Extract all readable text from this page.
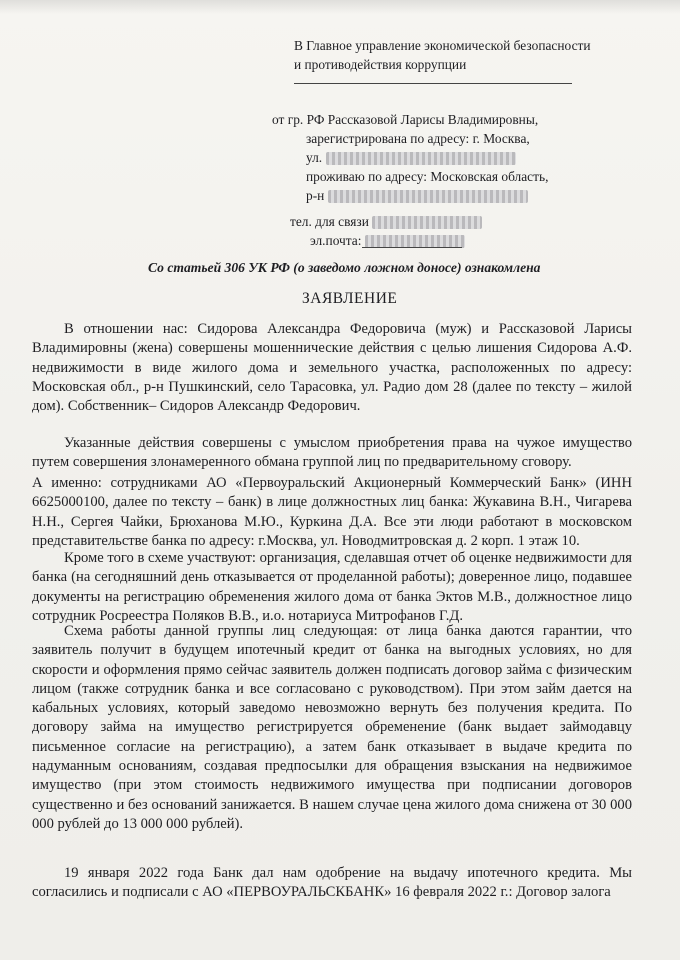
В Главное управление экономической безопасности
и противодействия коррупции
от гр. РФ Рассказовой Ларисы Владимировны,
зарегистрирована по адресу: г. Москва,
ул.
проживаю по адресу: Московская область,
р-н
тел. для связи
эл.почта:
Со статьей 306 УК РФ (о заведомо ложном доносе) ознакомлена
ЗАЯВЛЕНИЕ

В отношении нас: Сидорова Александра Федоровича (муж) и Рассказовой Ларисы Владимировны (жена) совершены мошеннические действия с целью лишения Сидорова А.Ф. недвижимости в виде жилого дома и земельного участка, расположенных по адресу: Московская обл., р-н Пушкинский, село Тарасовка, ул. Радио дом 28 (далее по тексту – жилой дом). Собственник– Сидоров Александр Федорович.

Указанные действия совершены с умыслом приобретения права на чужое имущество путем совершения злонамеренного обмана группой лиц по предварительному сговору.

А именно: сотрудниками АО «Первоуральский Акционерный Коммерческий Банк» (ИНН 6625000100, далее по тексту – банк) в лице должностных лиц банка: Жукавина В.Н., Чигарева Н.Н., Сергея Чайки, Брюханова М.Ю., Куркина Д.А. Все эти люди работают в московском представительстве банка по адресу: г.Москва, ул. Новодмитровская д. 2 корп. 1 этаж 10.

Кроме того в схеме участвуют: организация, сделавшая отчет об оценке недвижимости для банка (на сегодняшний день отказывается от проделанной работы); доверенное лицо, подавшее документы на регистрацию обременения жилого дома от банка Эктов М.В., должностное лицо сотрудник Росреестра Поляков В.В., и.о. нотариуса Митрофанов Г.Д.

Схема работы данной группы лиц следующая: от лица банка даются гарантии, что заявитель получит в будущем ипотечный кредит от банка на выгодных условиях, но для скорости и оформления прямо сейчас заявитель должен подписать договор займа с физическим лицом (также сотрудник банка и все согласовано с руководством). При этом займ дается на кабальных условиях, который заведомо невозможно вернуть без получения кредита. По договору займа на имущество регистрируется обременение (банк выдает займодавцу письменное согласие на регистрацию), а затем банк отказывает в выдаче кредита по надуманным основаниям, создавая предпосылки для обращения взыскания на недвижимое имущество (при этом стоимость недвижимого имущества при подписании договоров существенно и без оснований занижается. В нашем случае цена жилого дома снижена от 30 000 000 рублей до 13 000 000 рублей).

19 января 2022 года Банк дал нам одобрение на выдачу ипотечного кредита. Мы согласились и подписали с АО «ПЕРВОУРАЛЬСКБАНК» 16 февраля 2022 г.: Договор залога
